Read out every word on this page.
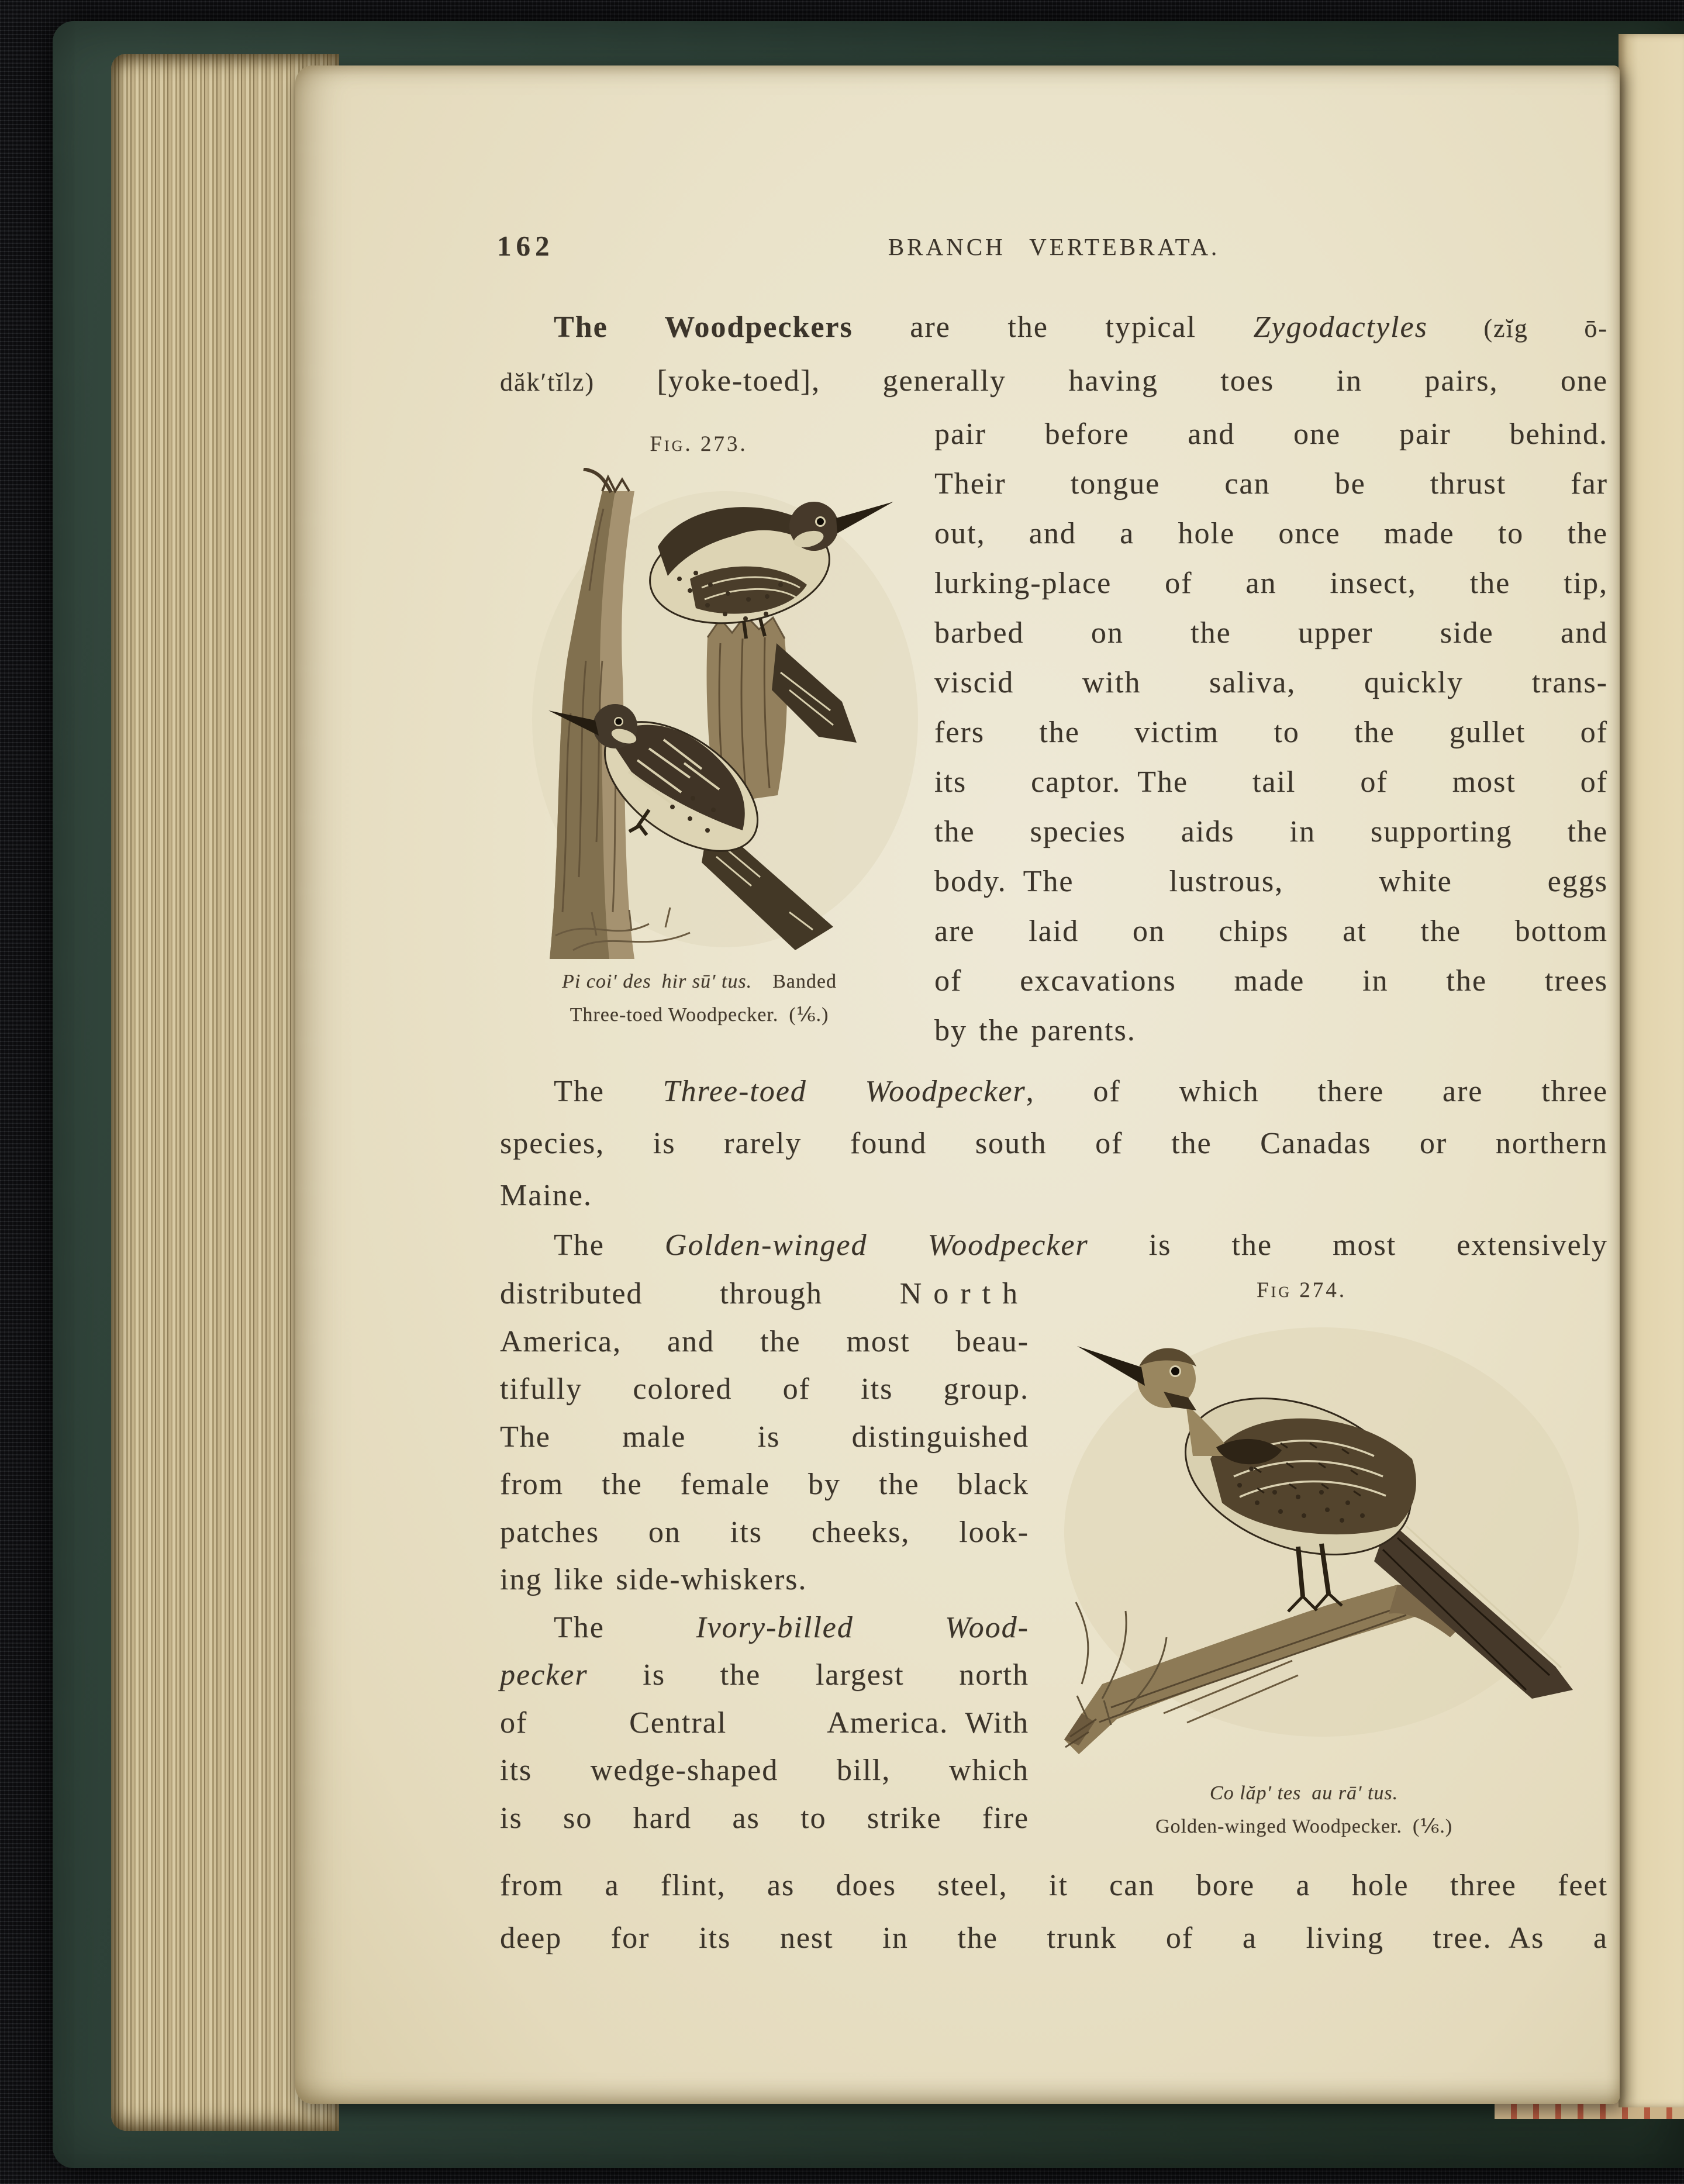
162	BRANCH VERTEBRATA.
The Woodpeckers are the typical Zygodactyles (zĭg ō-
dăk′tĭlz) [yoke-toed], generally having toes in pairs, one
Fig. 273.
Pi coi′ des hir sū′ tus. Banded
Three-toed Woodpecker. (⅙.)
pair before and one pair behind.
Their tongue can be thrust far
out, and a hole once made to the
lurking-place of an insect, the tip,
barbed on the upper side and
viscid with saliva, quickly trans-
fers the victim to the gullet of
its captor. The tail of most of
the species aids in supporting the
body. The lustrous, white eggs
are laid on chips at the bottom
of excavations made in the trees
by the parents.
The Three-toed Woodpecker, of which there are three
species, is rarely found south of the Canadas or northern
Maine.
The Golden-winged Woodpecker is the most extensively
distributed through North
America, and the most beau-
tifully colored of its group.
The male is distinguished
from the female by the black
patches on its cheeks, look-
ing like side-whiskers.
The Ivory-billed Wood-
pecker is the largest north
of Central America. With
its wedge-shaped bill, which
is so hard as to strike fire
Fig 274.
Co lăp′ tes au rā′ tus.
Golden-winged Woodpecker. (⅙.)
from a flint, as does steel, it can bore a hole three feet
deep for its nest in the trunk of a living tree. As a
